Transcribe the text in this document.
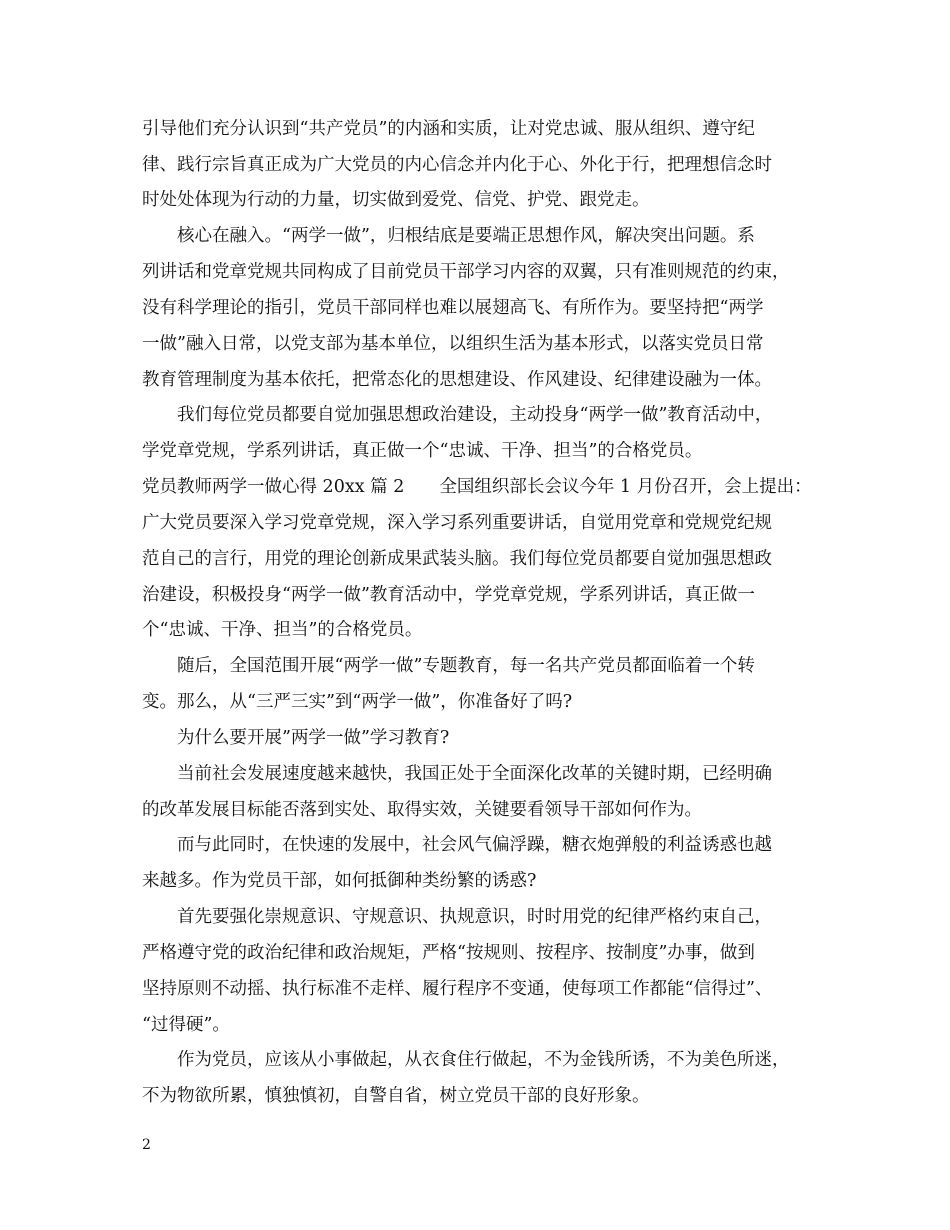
引导他们充分认识到“共产党员”的内涵和实质，让对党忠诚、服从组织、遵守纪
律、践行宗旨真正成为广大党员的内心信念并内化于心、外化于行，把理想信念时
时处处体现为行动的力量，切实做到爱党、信党、护党、跟党走。
核心在融入。“两学一做”，归根结底是要端正思想作风，解决突出问题。系
列讲话和党章党规共同构成了目前党员干部学习内容的双翼，只有准则规范的约束，
没有科学理论的指引，党员干部同样也难以展翅高飞、有所作为。要坚持把“两学
一做”融入日常，以党支部为基本单位，以组织生活为基本形式，以落实党员日常
教育管理制度为基本依托，把常态化的思想建设、作风建设、纪律建设融为一体。
我们每位党员都要自觉加强思想政治建设，主动投身“两学一做”教育活动中，
学党章党规，学系列讲话，真正做一个“忠诚、干净、担当”的合格党员。
党员教师两学一做心得 20xx 篇 2　　全国组织部长会议今年 1 月份召开，会上提出：
广大党员要深入学习党章党规，深入学习系列重要讲话，自觉用党章和党规党纪规
范自己的言行，用党的理论创新成果武装头脑。我们每位党员都要自觉加强思想政
治建设，积极投身“两学一做”教育活动中，学党章党规，学系列讲话，真正做一
个“忠诚、干净、担当”的合格党员。
随后，全国范围开展“两学一做”专题教育，每一名共产党员都面临着一个转
变。那么，从“三严三实”到“两学一做”，你准备好了吗?
为什么要开展”两学一做”学习教育?
当前社会发展速度越来越快，我国正处于全面深化改革的关键时期，已经明确
的改革发展目标能否落到实处、取得实效，关键要看领导干部如何作为。
而与此同时，在快速的发展中，社会风气偏浮躁，糖衣炮弹般的利益诱惑也越
来越多。作为党员干部，如何抵御种类纷繁的诱惑?
首先要强化崇规意识、守规意识、执规意识，时时用党的纪律严格约束自己，
严格遵守党的政治纪律和政治规矩，严格“按规则、按程序、按制度”办事，做到
坚持原则不动摇、执行标准不走样、履行程序不变通，使每项工作都能“信得过”、
“过得硬”。
作为党员，应该从小事做起，从衣食住行做起，不为金钱所诱，不为美色所迷，
不为物欲所累，慎独慎初，自警自省，树立党员干部的良好形象。
2
